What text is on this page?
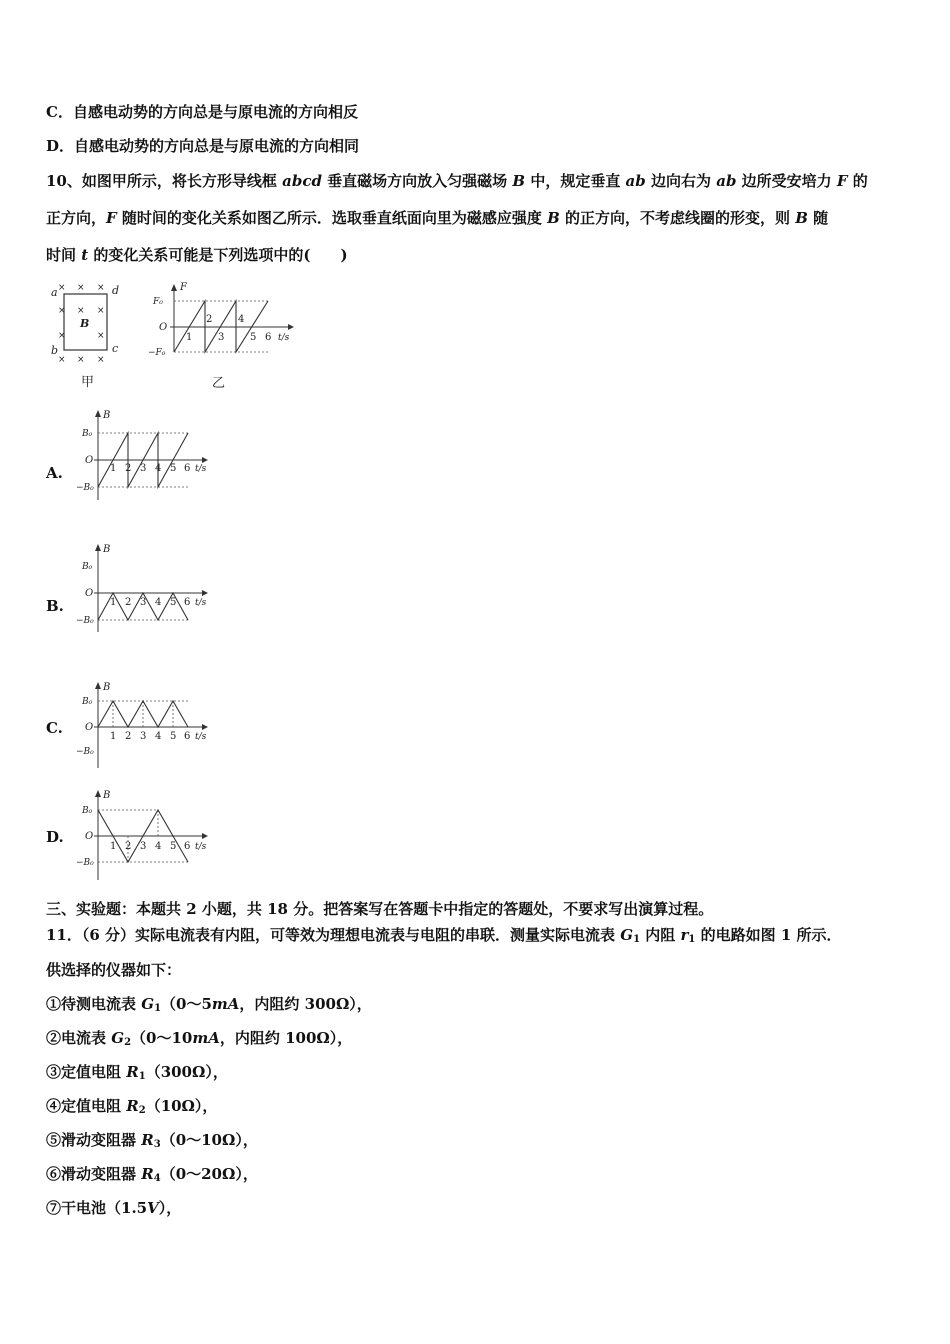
C．自感电动势的方向总是与原电流的方向相反
D．自感电动势的方向总是与原电流的方向相同
10、如图甲所示，将长方形导线框 abcd 垂直磁场方向放入匀强磁场 B 中，规定垂直 ab 边向右为 ab 边所受安培力 F 的
正方向，F 随时间的变化关系如图乙所示．选取垂直纸面向里为磁感应强度 B 的正方向，不考虑线圈的形变，则 B 随
时间 t 的变化关系可能是下列选项中的(　　)
× × ×
× × ×
×	×
× × ×
a	d
b	c
B
甲
F
F₀
O
−F₀
1
2
3
4
5 6 t/s
乙
A.
B
B₀
O
−B₀
1 2 3 4 5 6 t/s
B.
B
B₀
O
−B₀
1 2 3 4 5 6 t/s
C.
B
B₀
O
−B₀
1 2 3 4 5 6 t/s
D.
B
B₀
O
−B₀
1 2 3 4 5 6 t/s
三、实验题：本题共 2 小题，共 18 分。把答案写在答题卡中指定的答题处，不要求写出演算过程。
11．（6 分）实际电流表有内阻，可等效为理想电流表与电阻的串联．测量实际电流表 $G_1$ 内阻 $r_1$ 的电路如图 1 所示．
供选择的仪器如下：
①待测电流表 $G_1(0\sim 5mA$，内阻约 300Ω），
②电流表 $G_2(0\sim 10mA$，内阻约 100Ω），
③定值电阻 $R_1(300\Omega)$，
④定值电阻 $R_2(10\Omega)$，
⑤滑动变阻器 $R_3(0\sim 10\Omega)$，
⑥滑动变阻器 $R_4(0\sim 20\Omega)$，
⑦干电池（1.5V），
